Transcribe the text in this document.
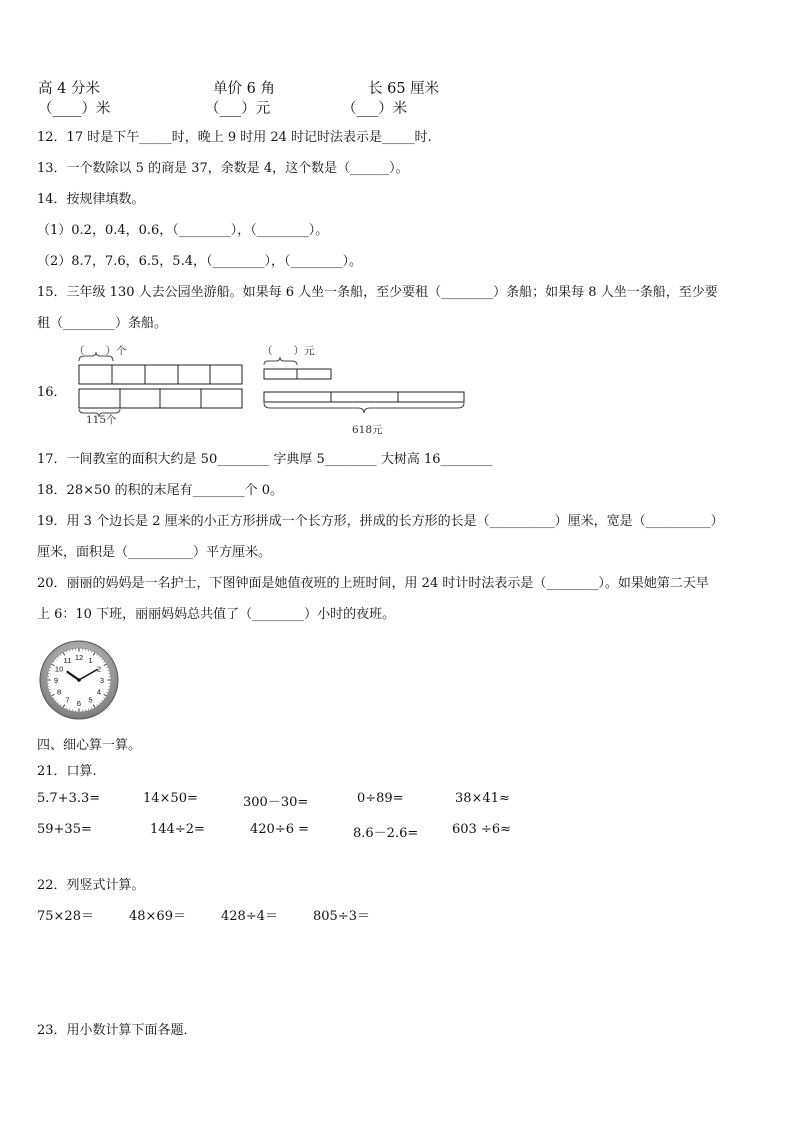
高 4 分米
（____）米
单价 6 角
（___）元
长 65 厘米
（___）米
12．17 时是下午_____时，晚上 9 时用 24 时记时法表示是_____时.
13．一个数除以 5 的商是 37，余数是 4，这个数是（______）。
14．按规律填数。
（1）0.2，0.4，0.6，（________），（________）。
（2）8.7，7.6，6.5，5.4，（________），（________）。
15．三年级 130 人去公园坐游船。如果每 6 人坐一条船，至少要租（________）条船；如果每 8 人坐一条船，至少要
租（________）条船。
16．
（　　）个
115个
（　　）元
618元
17．一间教室的面积大约是 50________ 字典厚 5________ 大树高 16________
18．28×50 的积的末尾有________个 0。
19．用 3 个边长是 2 厘米的小正方形拼成一个长方形，拼成的长方形的长是（__________）厘米，宽是（__________）
厘米，面积是（__________）平方厘米。
20．丽丽的妈妈是一名护士，下图钟面是她值夜班的上班时间，用 24 时计时法表示是（________）。如果她第二天早
上 6：10 下班，丽丽妈妈总共值了（________）小时的夜班。
12 1
2
3
4
5
6
7
8
9
10
11
四、细心算一算。
21．口算.
5.7+3.3=	14×50=	300－30=	0÷89=	38×41≈
59+35=	144÷2=	420÷6 =	8.6－2.6=	603 ÷6≈
22．列竖式计算。
75×28＝	48×69＝	428÷4＝	805÷3＝
23．用小数计算下面各题．
